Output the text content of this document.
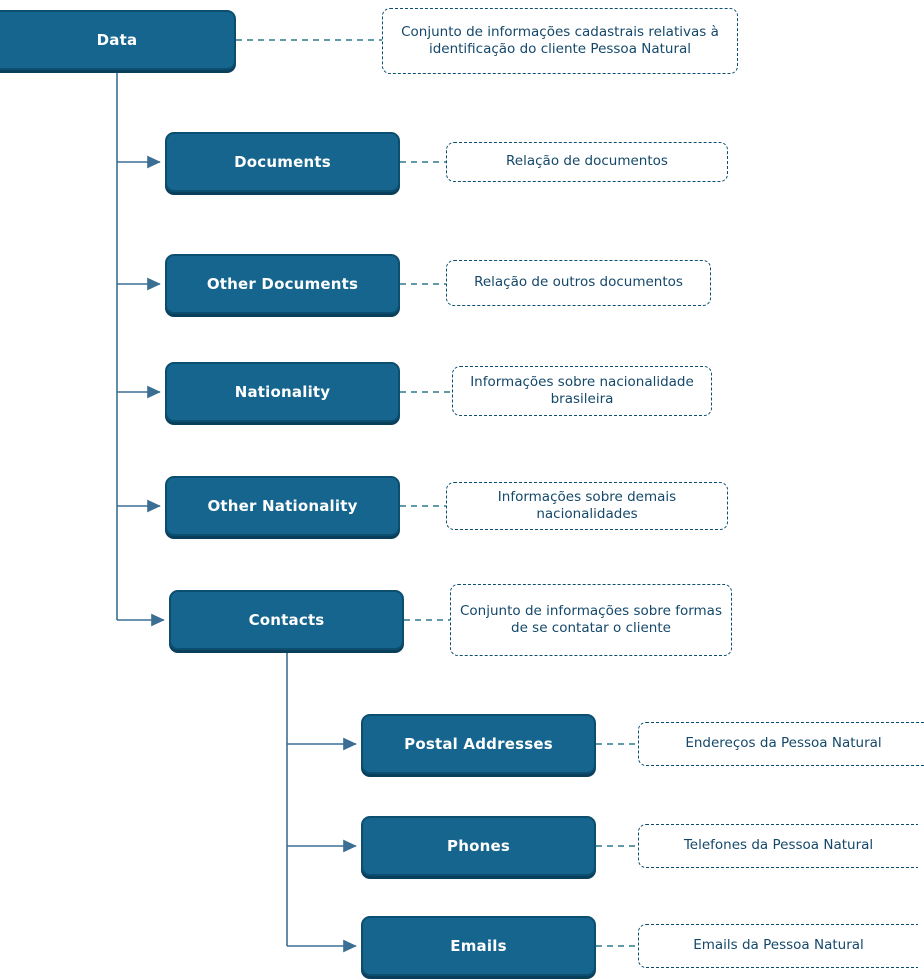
Data
Documents
Other Documents
Nationality
Other Nationality
Contacts
Postal Addresses
Phones
Emails
Conjunto de informações cadastrais relativas à identificação do cliente Pessoa Natural
Relação de documentos
Relação de outros documentos
Informações sobre nacionalidade brasileira
Informações sobre demais nacionalidades
Conjunto de informações sobre formas de se contatar o cliente
Endereços da Pessoa Natural
Telefones da Pessoa Natural
Emails da Pessoa Natural
